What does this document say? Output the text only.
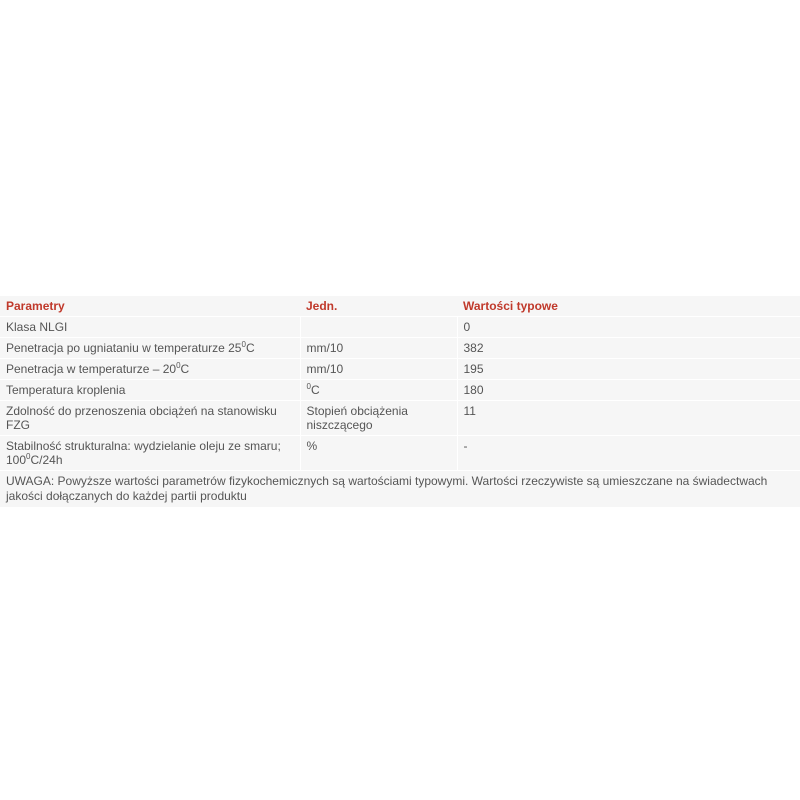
Parametry	Jedn.	Wartości typowe
Klasa NLGI		0
Penetracja po ugniataniu w temperaturze $25^0C$	mm/10	382
Penetracja w temperaturze – $20^0C$	mm/10	195
Temperatura kroplenia	$^0$C	180
Zdolność do przenoszenia obciążeń na stanowisku FZG	Stopień obciążenia niszczącego	11
Stabilność strukturalna: wydzielanie oleju ze smaru; $100^0C/24h$	%	-
UWAGA: Powyższe wartości parametrów fizykochemicznych są wartościami typowymi. Wartości rzeczywiste są umieszczane na świadectwach jakości dołączanych do każdej partii produktu		
